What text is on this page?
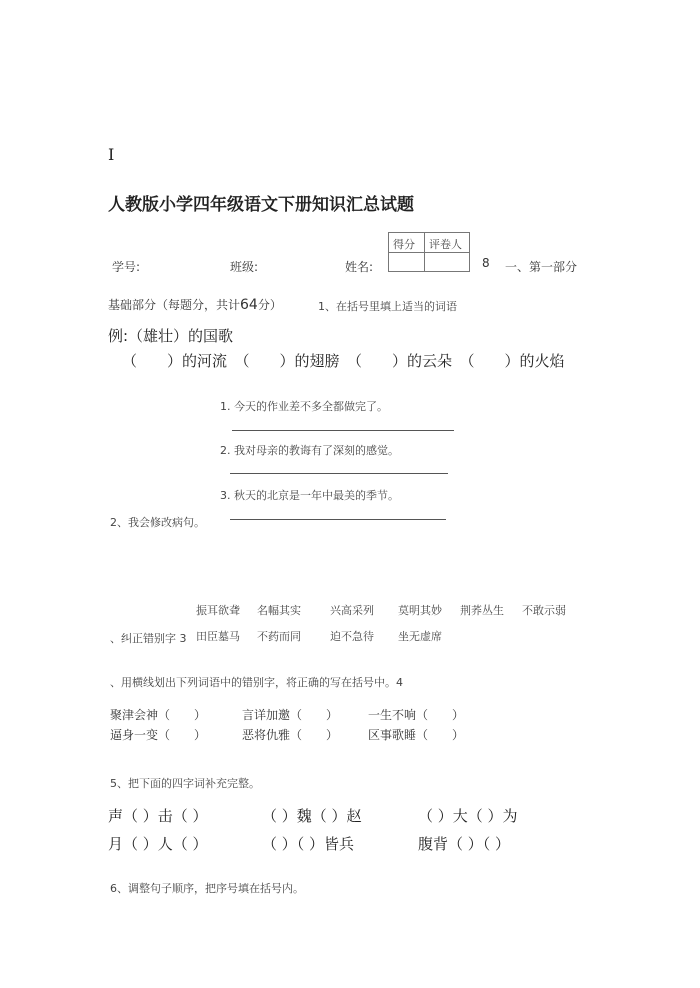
I
人教版小学四年级语文下册知识汇总试题
学号:	班级:	姓名:
得分 评卷人
8 一、第一部分
基础部分（每题分，共计64分）	1、在括号里填上适当的词语
例:（雄壮）的国歌
（　　）的河流　（　　）的翅膀　（　　）的云朵　（　　）的火焰
1. 今天的作业差不多全都做完了。
2. 我对母亲的教诲有了深刻的感觉。
3. 秋天的北京是一年中最美的季节。
2、我会修改病句。
振耳欲聋 名幅其实	兴高采列 莫明其妙 荆荞丛生 不敢示弱
、纠正错别字 3 田臣墓马 不药而同	迫不急待 坐无虚席
、用横线划出下列词语中的错别字，将正确的写在括号中。4
聚津会神（　　）	言详加邀（　　） 一生不响（　　）
逼身一变（　　）	恶将仇雅（　　） 区事歌睡（　　）
5、把下面的四字词补充完整。
声（ ）击（ ）	（ ）魏（ ）赵	（ ）大（ ）为
月（ ）人（ ）	（ ）（ ）皆兵	腹背（ ）（ ）
6、调整句子顺序，把序号填在括号内。
